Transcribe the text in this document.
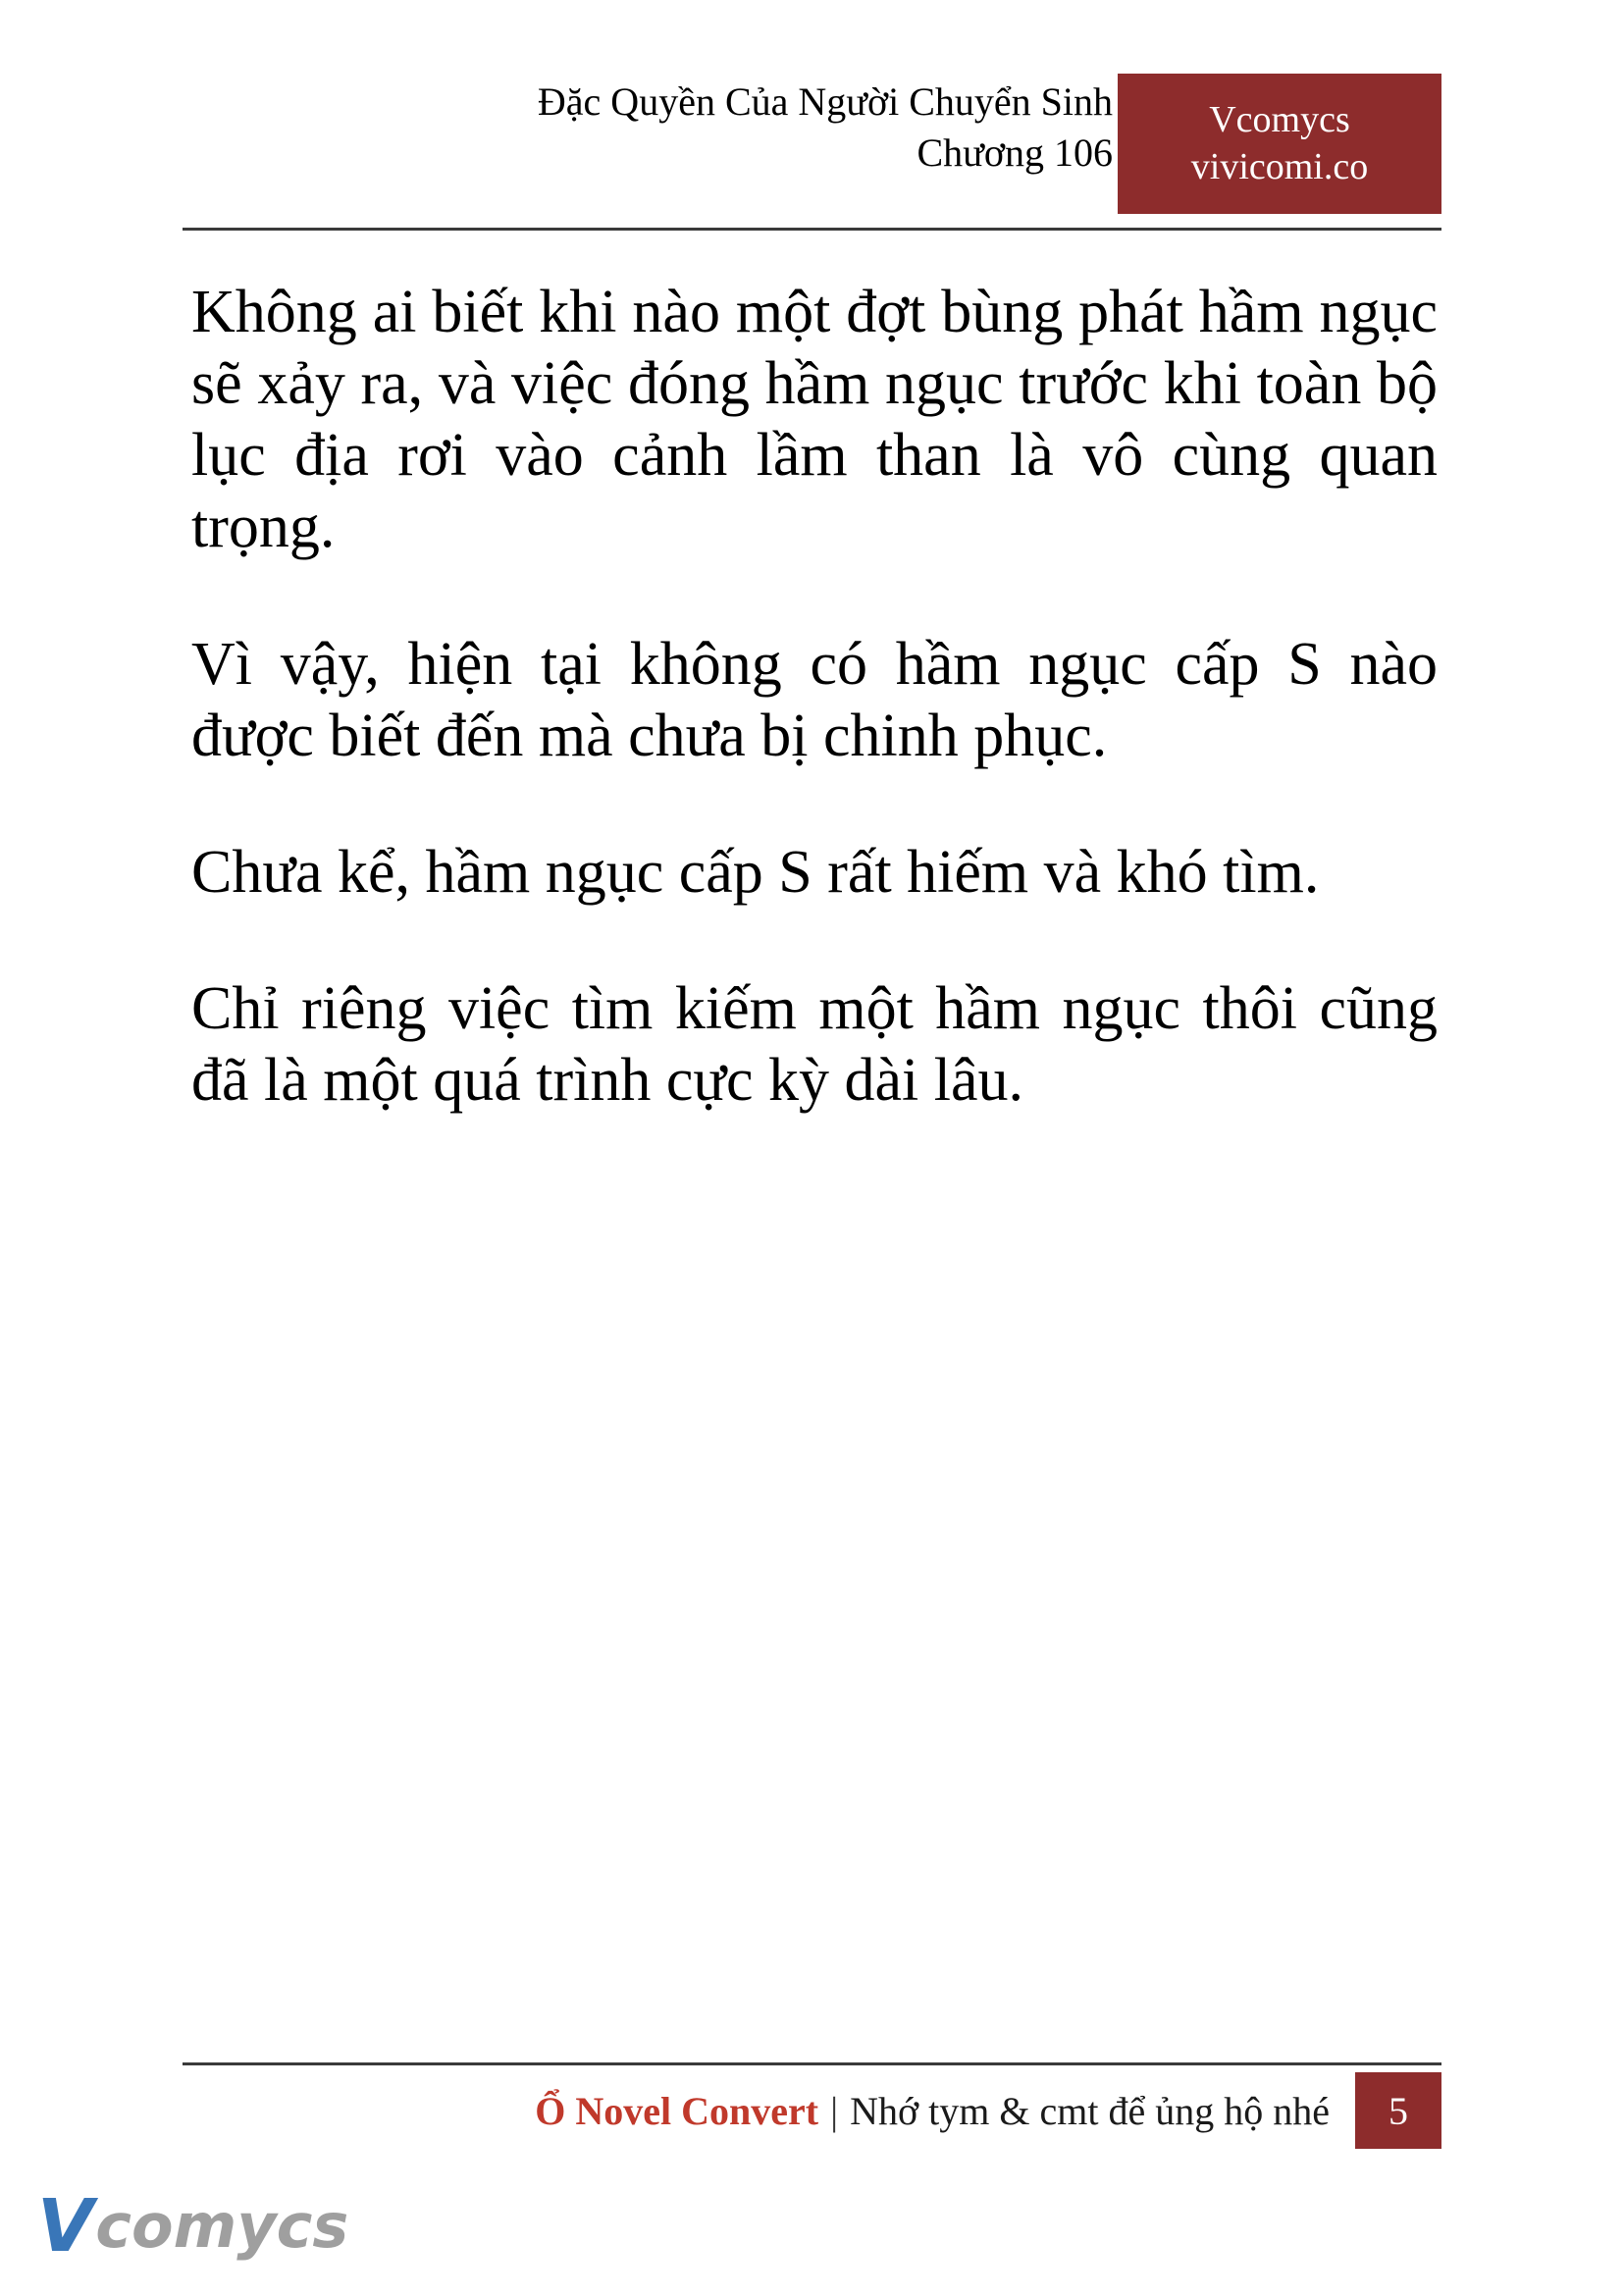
Đặc Quyền Của Người Chuyển Sinh
Chương 106
Vcomycs
vivicomi.co

Không ai biết khi nào một đợt bùng phát hầm ngục sẽ xảy ra, và việc đóng hầm ngục trước khi toàn bộ lục địa rơi vào cảnh lầm than là vô cùng quan trọng.

Vì vậy, hiện tại không có hầm ngục cấp S nào được biết đến mà chưa bị chinh phục.

Chưa kể, hầm ngục cấp S rất hiếm và khó tìm.

Chỉ riêng việc tìm kiếm một hầm ngục thôi cũng đã là một quá trình cực kỳ dài lâu.

Ổ Novel Convert | Nhớ tym & cmt để ủng hộ nhé	5
V comycs
